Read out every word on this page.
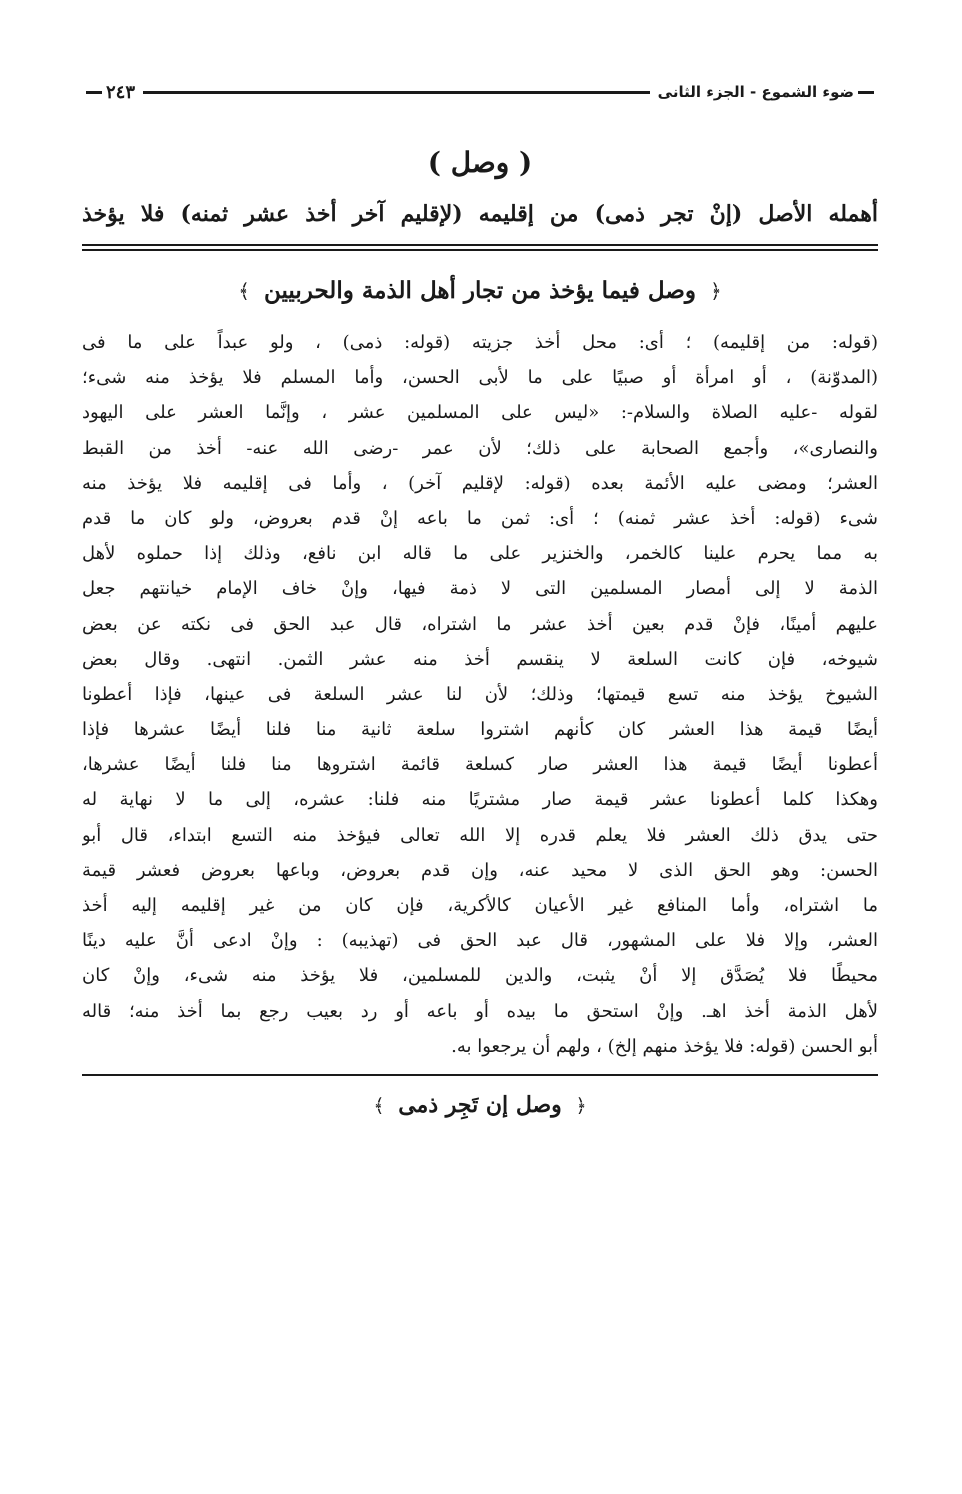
ضوء الشموع - الجزء الثانى
٢٤٣
( وصل )
أهمله الأصل (إنْ تجر ذمى) من إقليمه (لإقليم آخر أخذ عشر ثمنه) فلا يؤخذ
﴿ وصل فيما يؤخذ من تجار أهل الذمة والحربيين ﴾
(قوله: من إقليمه) ؛ أى: محل أخذ جزيته (قوله: ذمى) ، ولو عبداً على ما فى
(المدوّنة) ، أو امرأة أو صبيًا على ما لأبى الحسن، وأما المسلم فلا يؤخذ منه شىء؛
لقوله -عليه الصلاة والسلام-: «ليس على المسلمين عشر ، وإنَّما العشر على اليهود
والنصارى»، وأجمع الصحابة على ذلك؛ لأن عمر -رضى الله عنه- أخذ من القبط
العشر؛ ومضى عليه الأئمة بعده (قوله: لإقليم آخر) ، وأما فى إقليمه فلا يؤخذ منه
شىء (قوله: أخذ عشر ثمنه) ؛ أى: ثمن ما باعه إنْ قدم بعروض، ولو كان ما قدم
به مما يحرم علينا كالخمر، والخنزير على ما قاله ابن نافع، وذلك إذا حملوه لأهل
الذمة لا إلى أمصار المسلمين التى لا ذمة فيها، وإنْ خاف الإمام خيانتهم جعل
عليهم أمينًا، فإنْ قدم بعين أخذ عشر ما اشتراه، قال عبد الحق فى نكته عن بعض
شيوخه، فإن كانت السلعة لا ينقسم أخذ منه عشر الثمن. انتهى. وقال بعض
الشيوخ يؤخذ منه تسع قيمتها؛ وذلك؛ لأن لنا عشر السلعة فى عينها، فإذا أعطونا
أيضًا قيمة هذا العشر كان كأنهم اشتروا سلعة ثانية منا فلنا أيضًا عشرها فإذا
أعطونا أيضًا قيمة هذا العشر صار كسلعة قائمة اشتروها منا فلنا أيضًا عشرها،
وهكذا كلما أعطونا عشر قيمة صار مشتريًا منه فلنا: عشره، إلى ما لا نهاية له
حتى يدق ذلك العشر فلا يعلم قدره إلا الله تعالى فيؤخذ منه التسع ابتداء، قال أبو
الحسن: وهو الحق الذى لا محيد عنه، وإن قدم بعروض، وباعها بعروض فعشر قيمة
ما اشتراه، وأما المنافع غير الأعيان كالأكرية، فإن كان من غير إقليمه إليه أخذ
العشر، وإلا فلا على المشهور، قال عبد الحق فى (تهذيبه) : وإنْ ادعى أنَّ عليه دينًا
محيطًا فلا يُصَدَّق إلا أنْ يثبت، والدين للمسلمين، فلا يؤخذ منه شىء، وإنْ كان
لأهل الذمة أخذ اهـ. وإنْ استحق ما بيده أو باعه أو رد بعيب رجع بما أخذ منه؛ قاله
أبو الحسن (قوله: فلا يؤخذ منهم إلخ) ، ولهم أن يرجعوا به.
﴿ وصل إن تَجِر ذمى ﴾
